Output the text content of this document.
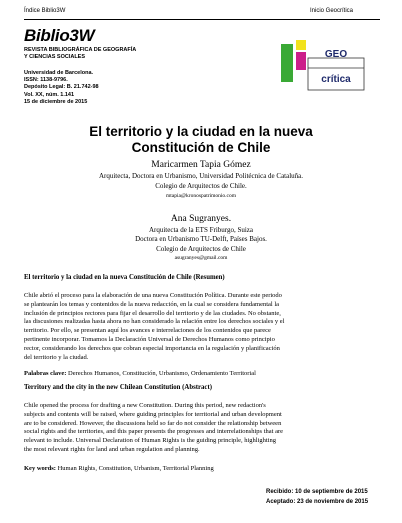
Índice Biblio3W	Inicio Geocrítica
Biblio3W
REVISTA BIBLIOGRÁFICA DE GEOGRAFÍA
Y CIENCIAS SOCIALES
Universidad de Barcelona.
ISSN: 1138-9796.
Depósito Legal: B. 21.742-98
Vol. XX, núm. 1.141
15 de diciembre de 2015
GEO
crítica
El territorio y la ciudad en la nueva
Constitución de Chile
Maricarmen Tapia Gómez
Arquitecta, Doctora en Urbanismo, Universidad Politécnica de Cataluña.
Colegio de Arquitectos de Chile.
mtapia@kronospatrimonio.com
Ana Sugranyes.
Arquitecta de la ETS Friburgo, Suiza
Doctora en Urbanismo TU-Delft, Países Bajos.
Colegio de Arquitectos de Chile
asugranyes@gmail.com
El territorio y la ciudad en la nueva Constitución de Chile (Resumen)
Chile abrió el proceso para la elaboración de una nueva Constitución Política. Durante este periodo
se plantearán los temas y contenidos de la nueva redacción, en la cual se considera fundamental la
inclusión de principios rectores para fijar el desarrollo del territorio y de las ciudades. No obstante,
las discusiones realizadas hasta ahora no han considerado la relación entre los derechos sociales y el
territorio. Por ello, se presentan aquí los avances e interrelaciones de los contenidos que parece
pertinente incorporar. Tomamos la Declaración Universal de Derechos Humanos como principio
rector, considerando los derechos que cobran especial importancia en la regulación y planificación
del territorio y la ciudad.
Palabras clave: Derechos Humanos, Constitución, Urbanismo, Ordenamiento Territorial
Territory and the city in the new Chilean Constitution (Abstract)
Chile opened the process for drafting a new Constitution. During this period, new redaction's
subjects and contents will be raised, where guiding principles for territorial and urban development
are to be considered. However, the discussions held so far do not consider the relationship between
social rights and the territories, and this paper presents the progresses and interrelationships that are
relevant to include. Universal Declaration of Human Rights is the guiding principle, highlighting
the most relevant rights for land and urban regulation and planning.
Key words: Human Rights, Constitution, Urbanism, Territorial Planning
Recibido: 10 de septiembre de 2015
Aceptado: 23 de noviembre de 2015
